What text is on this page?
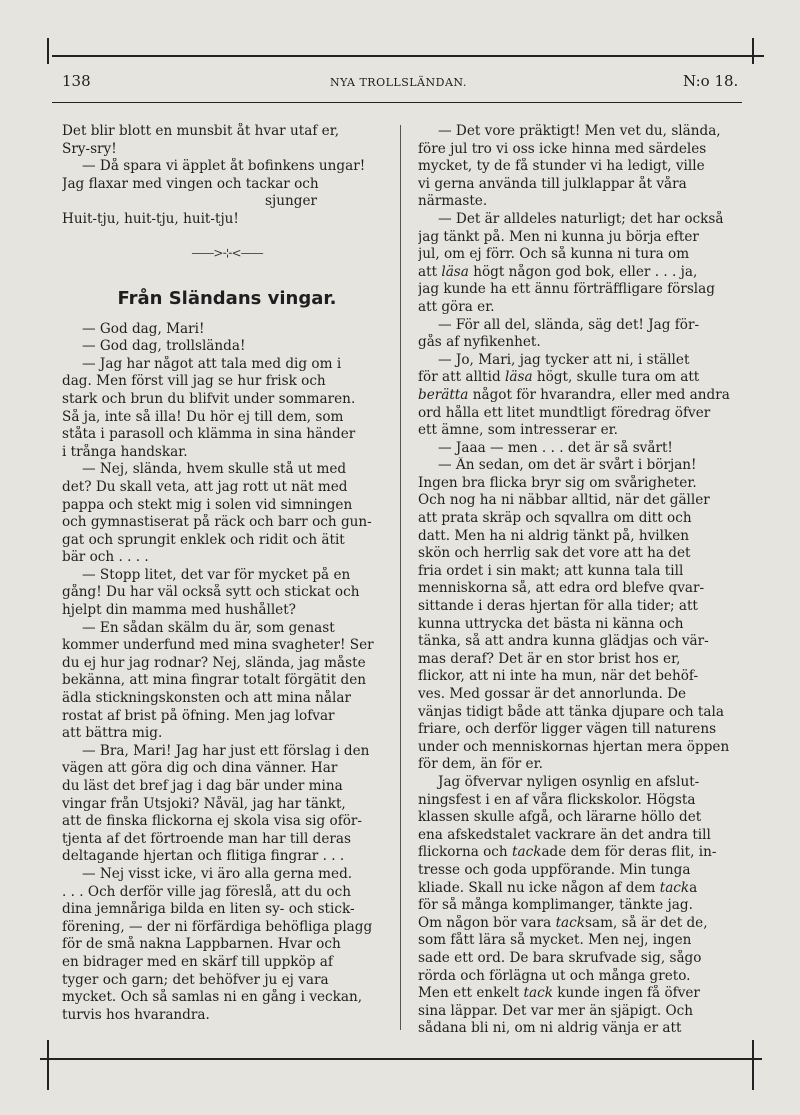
138	NYA TROLLSLÄNDAN.	N:o 18.
Det blir blott en munsbit åt hvar utaf er,
Sry-sry!
— Då spara vi äpplet åt bofinkens ungar!
Jag flaxar med vingen och tackar och
sjunger
Huit-tju, huit-tju, huit-tju!
——>⊹<——
Från Sländans vingar.
— God dag, Mari!
— God dag, trollslända!
— Jag har något att tala med dig om i
dag. Men först vill jag se hur frisk och
stark och brun du blifvit under sommaren.
Så ja, inte så illa! Du hör ej till dem, som
ståta i parasoll och klämma in sina händer
i trånga handskar.
— Nej, slända, hvem skulle stå ut med
det? Du skall veta, att jag rott ut nät med
pappa och stekt mig i solen vid simningen
och gymnastiserat på räck och barr och gun-
gat och sprungit enklek och ridit och ätit
bär och . . . .
— Stopp litet, det var för mycket på en
gång! Du har väl också sytt och stickat och
hjelpt din mamma med hushållet?
— En sådan skälm du är, som genast
kommer underfund med mina svagheter! Ser
du ej hur jag rodnar? Nej, slända, jag måste
bekänna, att mina fingrar totalt förgätit den
ädla stickningskonsten och att mina nålar
rostat af brist på öfning. Men jag lofvar
att bättra mig.
— Bra, Mari! Jag har just ett förslag i den
vägen att göra dig och dina vänner. Har
du läst det bref jag i dag bär under mina
vingar från Utsjoki? Nåväl, jag har tänkt,
att de finska flickorna ej skola visa sig oför-
tjenta af det förtroende man har till deras
deltagande hjertan och flitiga fingrar . . .
— Nej visst icke, vi äro alla gerna med.
. . . Och derför ville jag föreslå, att du och
dina jemnåriga bilda en liten sy- och stick-
förening, — der ni förfärdiga behöfliga plagg
för de små nakna Lappbarnen. Hvar och
en bidrager med en skärf till uppköp af
tyger och garn; det behöfver ju ej vara
mycket. Och så samlas ni en gång i veckan,
turvis hos hvarandra.
— Det vore präktigt! Men vet du, slända,
före jul tro vi oss icke hinna med särdeles
mycket, ty de få stunder vi ha ledigt, ville
vi gerna använda till julklappar åt våra
närmaste.
— Det är alldeles naturligt; det har också
jag tänkt på. Men ni kunna ju börja efter
jul, om ej förr. Och så kunna ni tura om
att läsa högt någon god bok, eller . . . ja,
jag kunde ha ett ännu förträffligare förslag
att göra er.
— För all del, slända, säg det! Jag för-
gås af nyfikenhet.
— Jo, Mari, jag tycker att ni, i stället
för att alltid läsa högt, skulle tura om att
berätta något för hvarandra, eller med andra
ord hålla ett litet mundtligt föredrag öfver
ett ämne, som intresserar er.
— Jaaa — men . . . det är så svårt!
— Än sedan, om det är svårt i början!
Ingen bra flicka bryr sig om svårigheter.
Och nog ha ni näbbar alltid, när det gäller
att prata skräp och sqvallra om ditt och
datt. Men ha ni aldrig tänkt på, hvilken
skön och herrlig sak det vore att ha det
fria ordet i sin makt; att kunna tala till
menniskorna så, att edra ord blefve qvar-
sittande i deras hjertan för alla tider; att
kunna uttrycka det bästa ni känna och
tänka, så att andra kunna glädjas och vär-
mas deraf? Det är en stor brist hos er,
flickor, att ni inte ha mun, när det behöf-
ves. Med gossar är det annorlunda. De
vänjas tidigt både att tänka djupare och tala
friare, och derför ligger vägen till naturens
under och menniskornas hjertan mera öppen
för dem, än för er.
Jag öfvervar nyligen osynlig en afslut-
ningsfest i en af våra flickskolor. Högsta
klassen skulle afgå, och lärarne höllo det
ena afskedstalet vackrare än det andra till
flickorna och tackade dem för deras flit, in-
tresse och goda uppförande. Min tunga
kliade. Skall nu icke någon af dem tacka
för så många komplimanger, tänkte jag.
Om någon bör vara tacksam, så är det de,
som fått lära så mycket. Men nej, ingen
sade ett ord. De bara skrufvade sig, sågo
rörda och förlägna ut och många greto.
Men ett enkelt tack kunde ingen få öfver
sina läppar. Det var mer än sjäpigt. Och
sådana bli ni, om ni aldrig vänja er att
